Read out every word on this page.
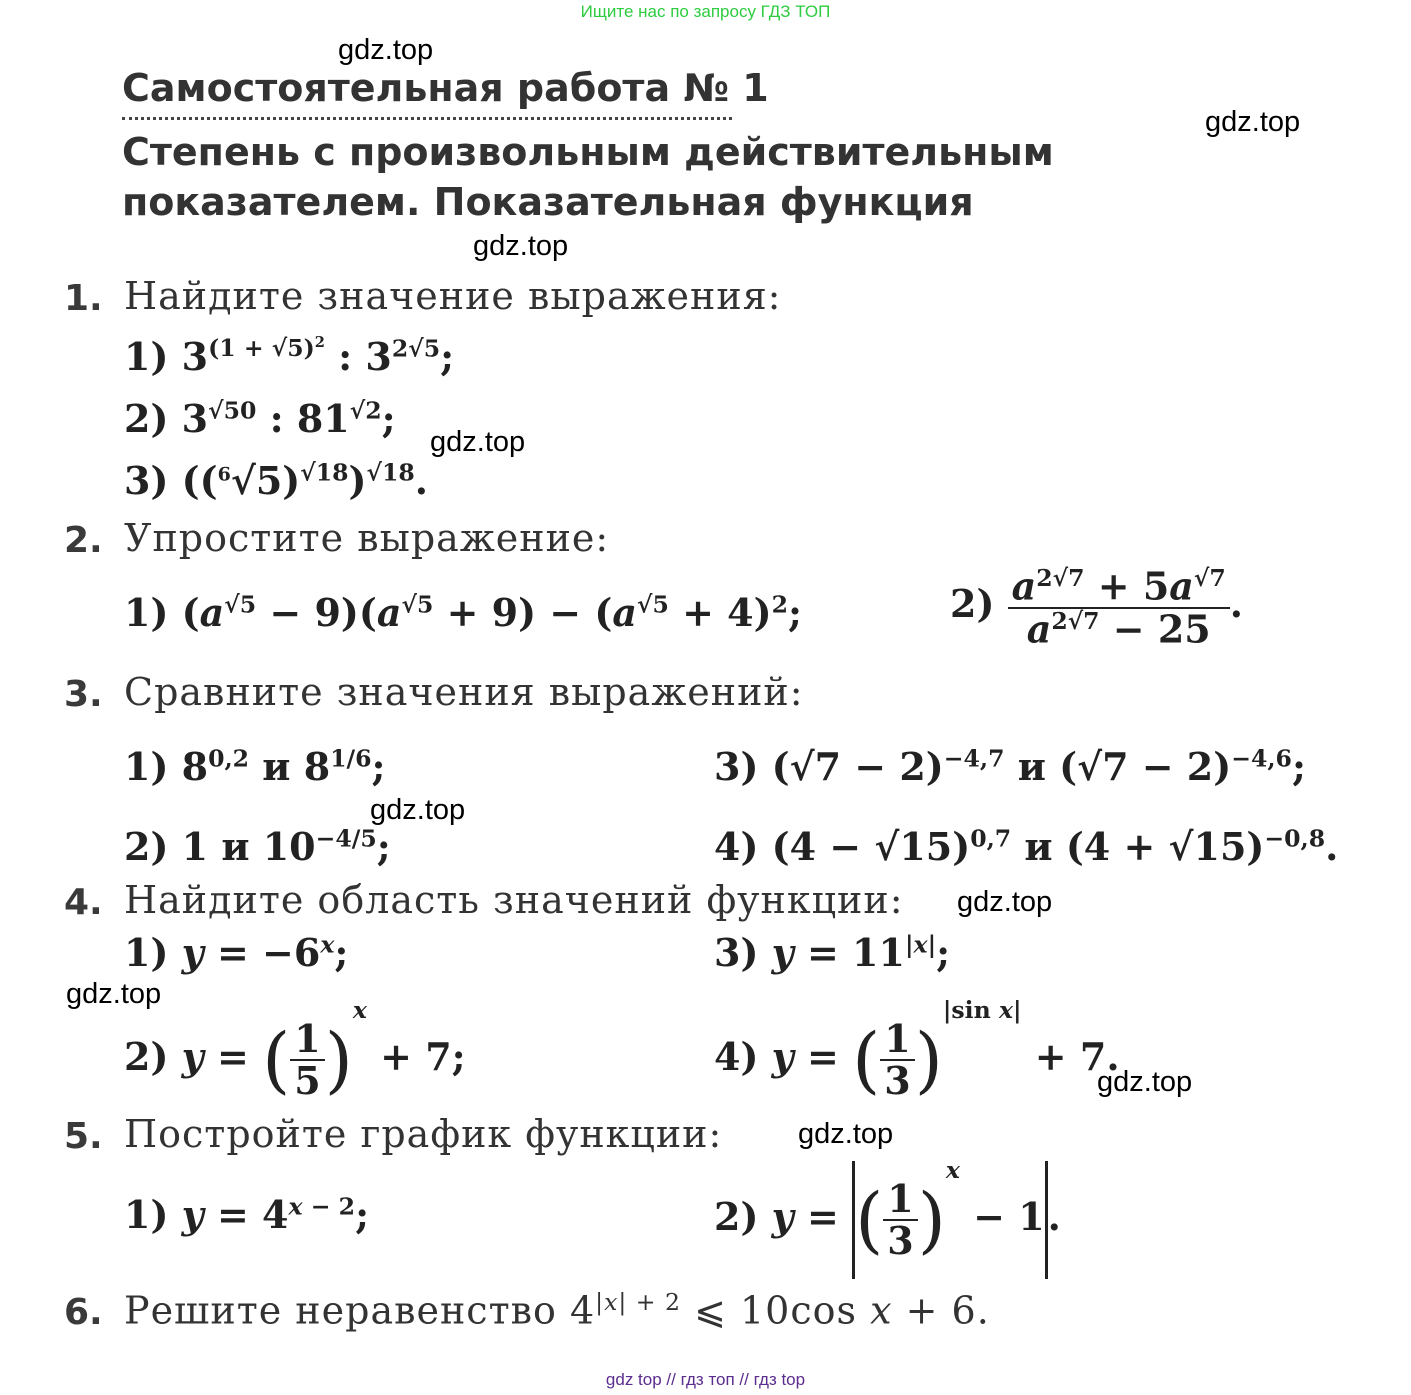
Ищите нас по запросу ГДЗ ТОП
gdz.top
gdz.top
gdz.top
gdz.top
gdz.top
gdz.top
gdz.top
gdz.top
gdz.top
Самостоятельная работа № 1
Степень с произвольным действительным
показателем. Показательная функция
1. Найдите значение выражения:
1) $3^{(1 + √5)^2}$ : $3^{2√5}$;
2) $3^{√50}$ : $81^{√2}$;
3) $((^6√5)^{√18})^{√18}$.
2. Упростите выражение:
1) $(a^{√5} - 9)(a^{√5} + 9) - (a^{√5} + 4)^2$;	$2) \frac{a^{2√7} + 5a^{√7}}{a^{2√7} - 25}$ .
3. Сравните значения выражений:
1) 8$^{0,2}$ и $8^{1/6}$;	3) $(√7 - 2)^{-4,7}$ и $(√7 - 2)^{-4,6}$;
2) 1 и $10^{-4/5}$;	4) $(4 - √15)^{0,7}$ и $(4 + √15)^{-0,8}$.
4. Найдите область значений функции:
1) $y = -6^x$;	3) $y = 11^{|x|}$;
2) y = ( $\frac{1}{5} )^x + 7$;	4) y = ( $\frac{1}{3} )^{|sin x|} + 7$.
5. Постройте график функции:
1) $y = 4^{x - 2}$;	2) y = ( $\frac{1}{3} )^x - 1$.
6. Решите неравенство $4^{|x| + 2}$ ⩽ 10cos x + 6.
gdz top // гдз топ // гдз top
